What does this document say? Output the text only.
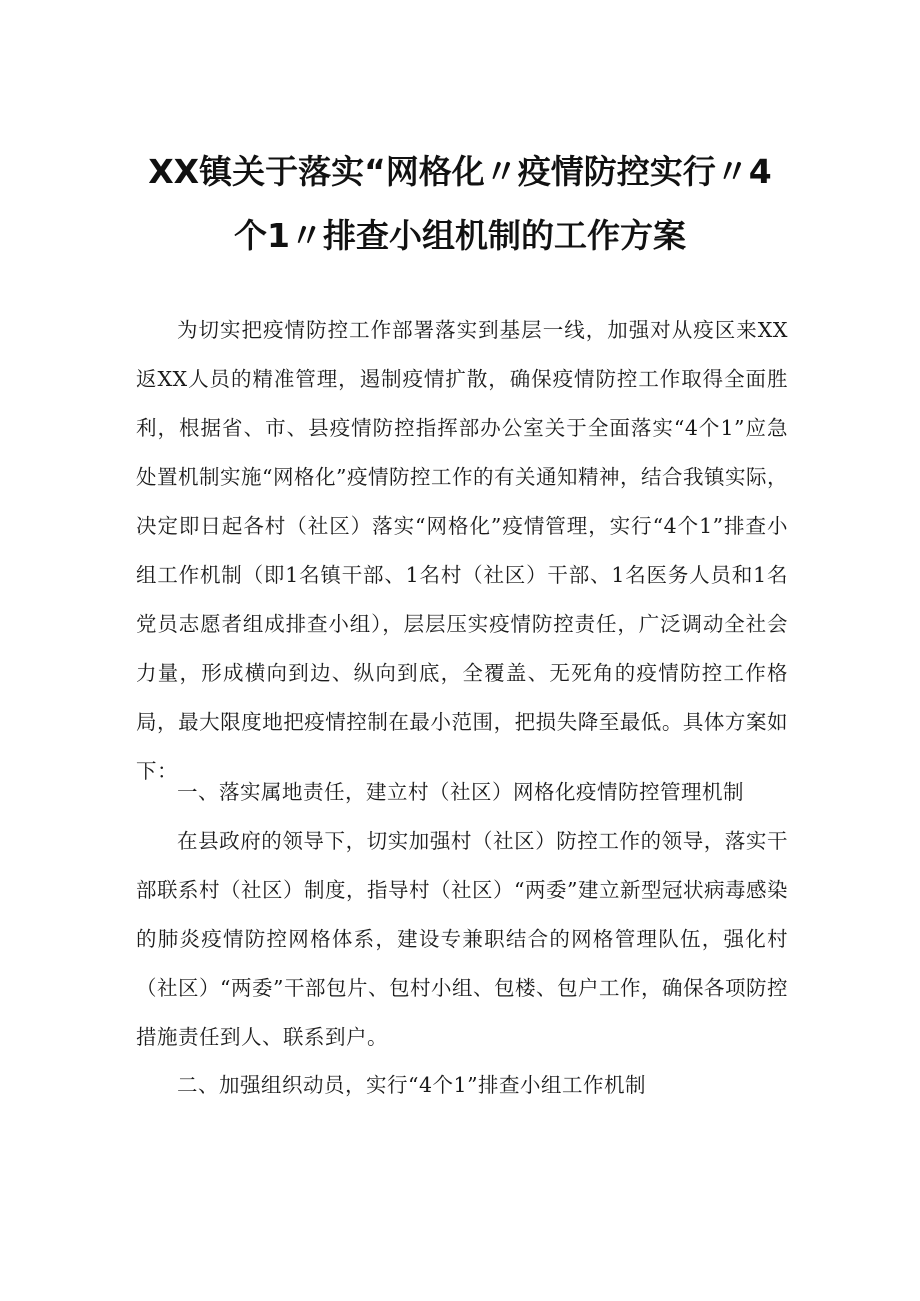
XX镇关于落实“网格化〃疫情防控实行〃4
个1〃排查小组机制的工作方案

为切实把疫情防控工作部署落实到基层一线，加强对从疫区来XX返XX人员的精准管理，遏制疫情扩散，确保疫情防控工作取得全面胜利，根据省、市、县疫情防控指挥部办公室关于全面落实“4个1”应急处置机制实施“网格化”疫情防控工作的有关通知精神，结合我镇实际，决定即日起各村（社区）落实“网格化”疫情管理，实行“4个1”排查小组工作机制（即1名镇干部、1名村（社区）干部、1名医务人员和1名党员志愿者组成排查小组），层层压实疫情防控责任，广泛调动全社会力量，形成横向到边、纵向到底，全覆盖、无死角的疫情防控工作格局，最大限度地把疫情控制在最小范围，把损失降至最低。具体方案如下：

一、落实属地责任，建立村（社区）网格化疫情防控管理机制

在县政府的领导下，切实加强村（社区）防控工作的领导，落实干部联系村（社区）制度，指导村（社区）“两委”建立新型冠状病毒感染的肺炎疫情防控网格体系，建设专兼职结合的网格管理队伍，强化村（社区）“两委”干部包片、包村小组、包楼、包户工作，确保各项防控措施责任到人、联系到户。

二、加强组织动员，实行“4个1”排查小组工作机制
